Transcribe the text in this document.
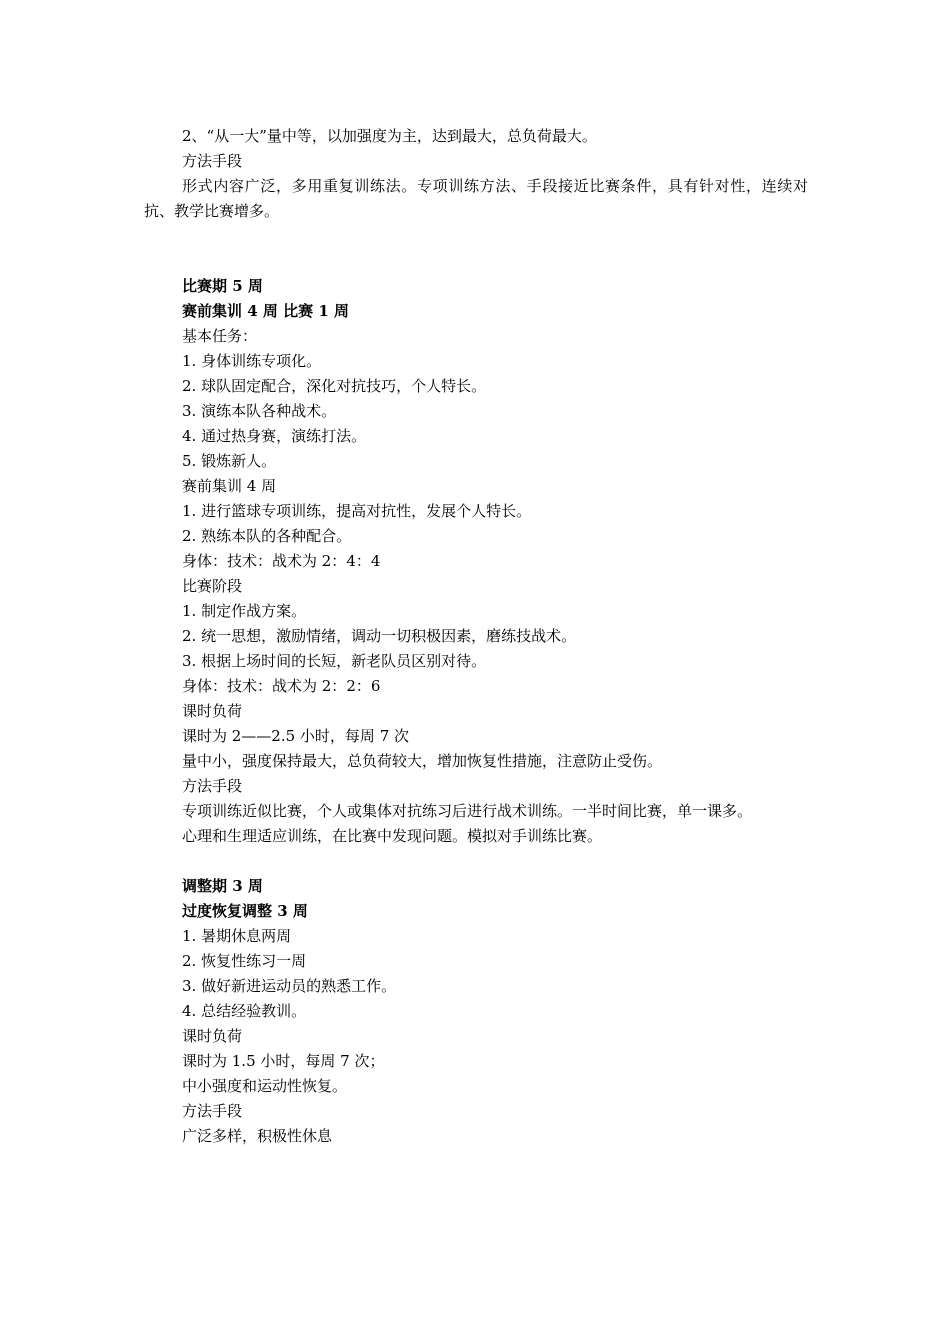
2、“从一大”量中等，以加强度为主，达到最大，总负荷最大。
方法手段
形式内容广泛，多用重复训练法。专项训练方法、手段接近比赛条件，具有针对性，连续对抗、教学比赛增多。
比赛期 5 周
赛前集训 4 周 比赛 1 周
基本任务：
1. 身体训练专项化。
2. 球队固定配合，深化对抗技巧，个人特长。
3. 演练本队各种战术。
4. 通过热身赛，演练打法。
5. 锻炼新人。
赛前集训 4 周
1. 进行篮球专项训练，提高对抗性，发展个人特长。
2. 熟练本队的各种配合。
身体：技术：战术为 2：4：4
比赛阶段
1. 制定作战方案。
2. 统一思想，激励情绪，调动一切积极因素，磨练技战术。
3. 根据上场时间的长短，新老队员区别对待。
身体：技术：战术为 2：2：6
课时负荷
课时为 2——2.5 小时，每周 7 次
量中小，强度保持最大，总负荷较大，增加恢复性措施，注意防止受伤。
方法手段
专项训练近似比赛，个人或集体对抗练习后进行战术训练。一半时间比赛，单一课多。
心理和生理适应训练，在比赛中发现问题。模拟对手训练比赛。
调整期 3 周
过度恢复调整 3 周
1. 暑期休息两周
2. 恢复性练习一周
3. 做好新进运动员的熟悉工作。
4. 总结经验教训。
课时负荷
课时为 1.5 小时，每周 7 次；
中小强度和运动性恢复。
方法手段
广泛多样，积极性休息
